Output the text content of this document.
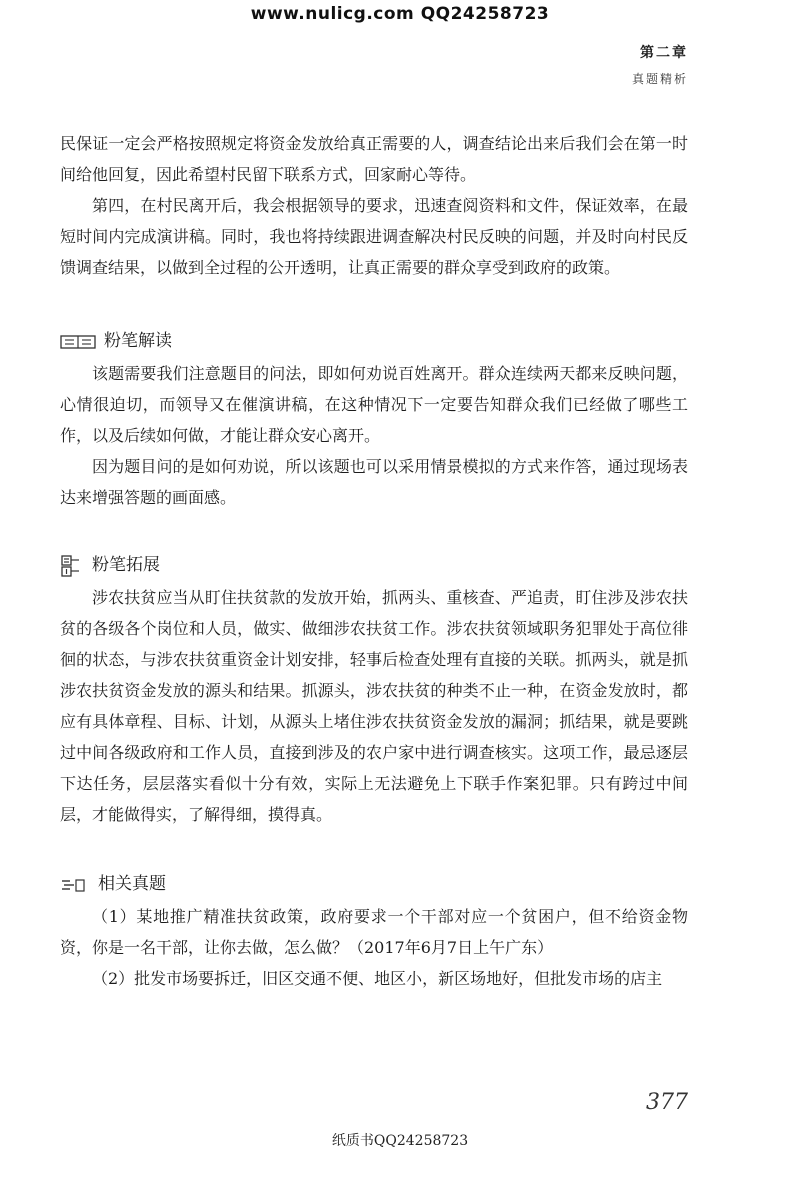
www.nulicg.com QQ24258723
第二章
真题精析

民保证一定会严格按照规定将资金发放给真正需要的人，调查结论出来后我们会在第一时间给他回复，因此希望村民留下联系方式，回家耐心等待。

第四，在村民离开后，我会根据领导的要求，迅速查阅资料和文件，保证效率，在最短时间内完成演讲稿。同时，我也将持续跟进调查解决村民反映的问题，并及时向村民反馈调查结果，以做到全过程的公开透明，让真正需要的群众享受到政府的政策。

粉笔解读

该题需要我们注意题目的问法，即如何劝说百姓离开。群众连续两天都来反映问题，心情很迫切，而领导又在催演讲稿，在这种情况下一定要告知群众我们已经做了哪些工作，以及后续如何做，才能让群众安心离开。

因为题目问的是如何劝说，所以该题也可以采用情景模拟的方式来作答，通过现场表达来增强答题的画面感。

粉笔拓展

涉农扶贫应当从盯住扶贫款的发放开始，抓两头、重核查、严追责，盯住涉及涉农扶贫的各级各个岗位和人员，做实、做细涉农扶贫工作。涉农扶贫领域职务犯罪处于高位徘徊的状态，与涉农扶贫重资金计划安排，轻事后检查处理有直接的关联。抓两头，就是抓涉农扶贫资金发放的源头和结果。抓源头，涉农扶贫的种类不止一种，在资金发放时，都应有具体章程、目标、计划，从源头上堵住涉农扶贫资金发放的漏洞；抓结果，就是要跳过中间各级政府和工作人员，直接到涉及的农户家中进行调查核实。这项工作，最忌逐层下达任务，层层落实看似十分有效，实际上无法避免上下联手作案犯罪。只有跨过中间层，才能做得实，了解得细，摸得真。

相关真题

（1）某地推广精准扶贫政策，政府要求一个干部对应一个贫困户，但不给资金物资，你是一名干部，让你去做，怎么做？（2017年6月7日上午广东）

（2）批发市场要拆迁，旧区交通不便、地区小，新区场地好，但批发市场的店主

377
纸质书QQ24258723
